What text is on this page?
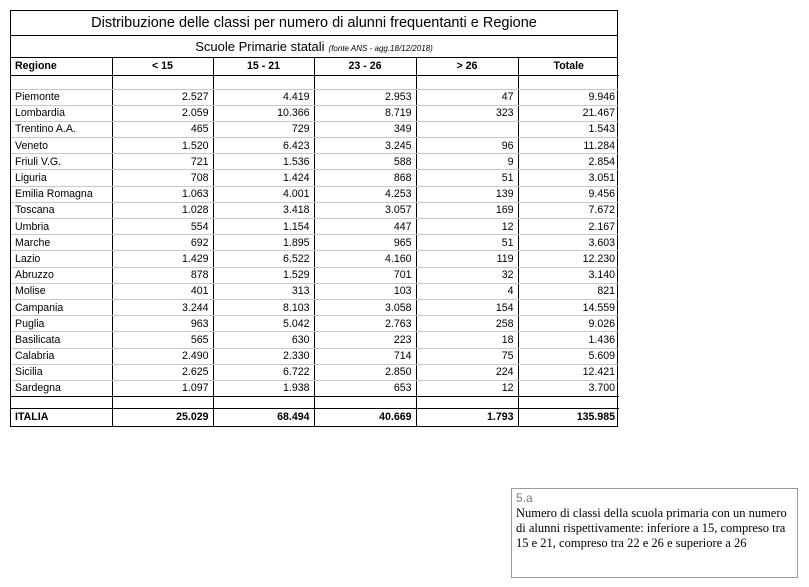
Distribuzione delle classi per numero di alunni frequentanti e Regione
Scuole Primarie statali (fonte ANS - agg.18/12/2018)
Regione	< 15	15 - 21	23 - 26	> 26	Totale

Piemonte	2.527	4.419	2.953	47	9.946
Lombardia	2.059	10.366	8.719	323	21.467
Trentino A.A.	465	729	349		1.543
Veneto	1.520	6.423	3.245	96	11.284
Friuli V.G.	721	1.536	588	9	2.854
Liguria	708	1.424	868	51	3.051
Emilia Romagna	1.063	4.001	4.253	139	9.456
Toscana	1.028	3.418	3.057	169	7.672
Umbria	554	1.154	447	12	2.167
Marche	692	1.895	965	51	3.603
Lazio	1.429	6.522	4.160	119	12.230
Abruzzo	878	1.529	701	32	3.140
Molise	401	313	103	4	821
Campania	3.244	8.103	3.058	154	14.559
Puglia	963	5.042	2.763	258	9.026
Basilicata	565	630	223	18	1.436
Calabria	2.490	2.330	714	75	5.609
Sicilia	2.625	6.722	2.850	224	12.421
Sardegna	1.097	1.938	653	12	3.700

ITALIA	25.029	68.494	40.669	1.793	135.985
5.a
Numero di classi della scuola primaria con un numero di alunni rispettivamente: inferiore a 15, compreso tra 15 e 21, compreso tra 22 e 26 e superiore a 26
